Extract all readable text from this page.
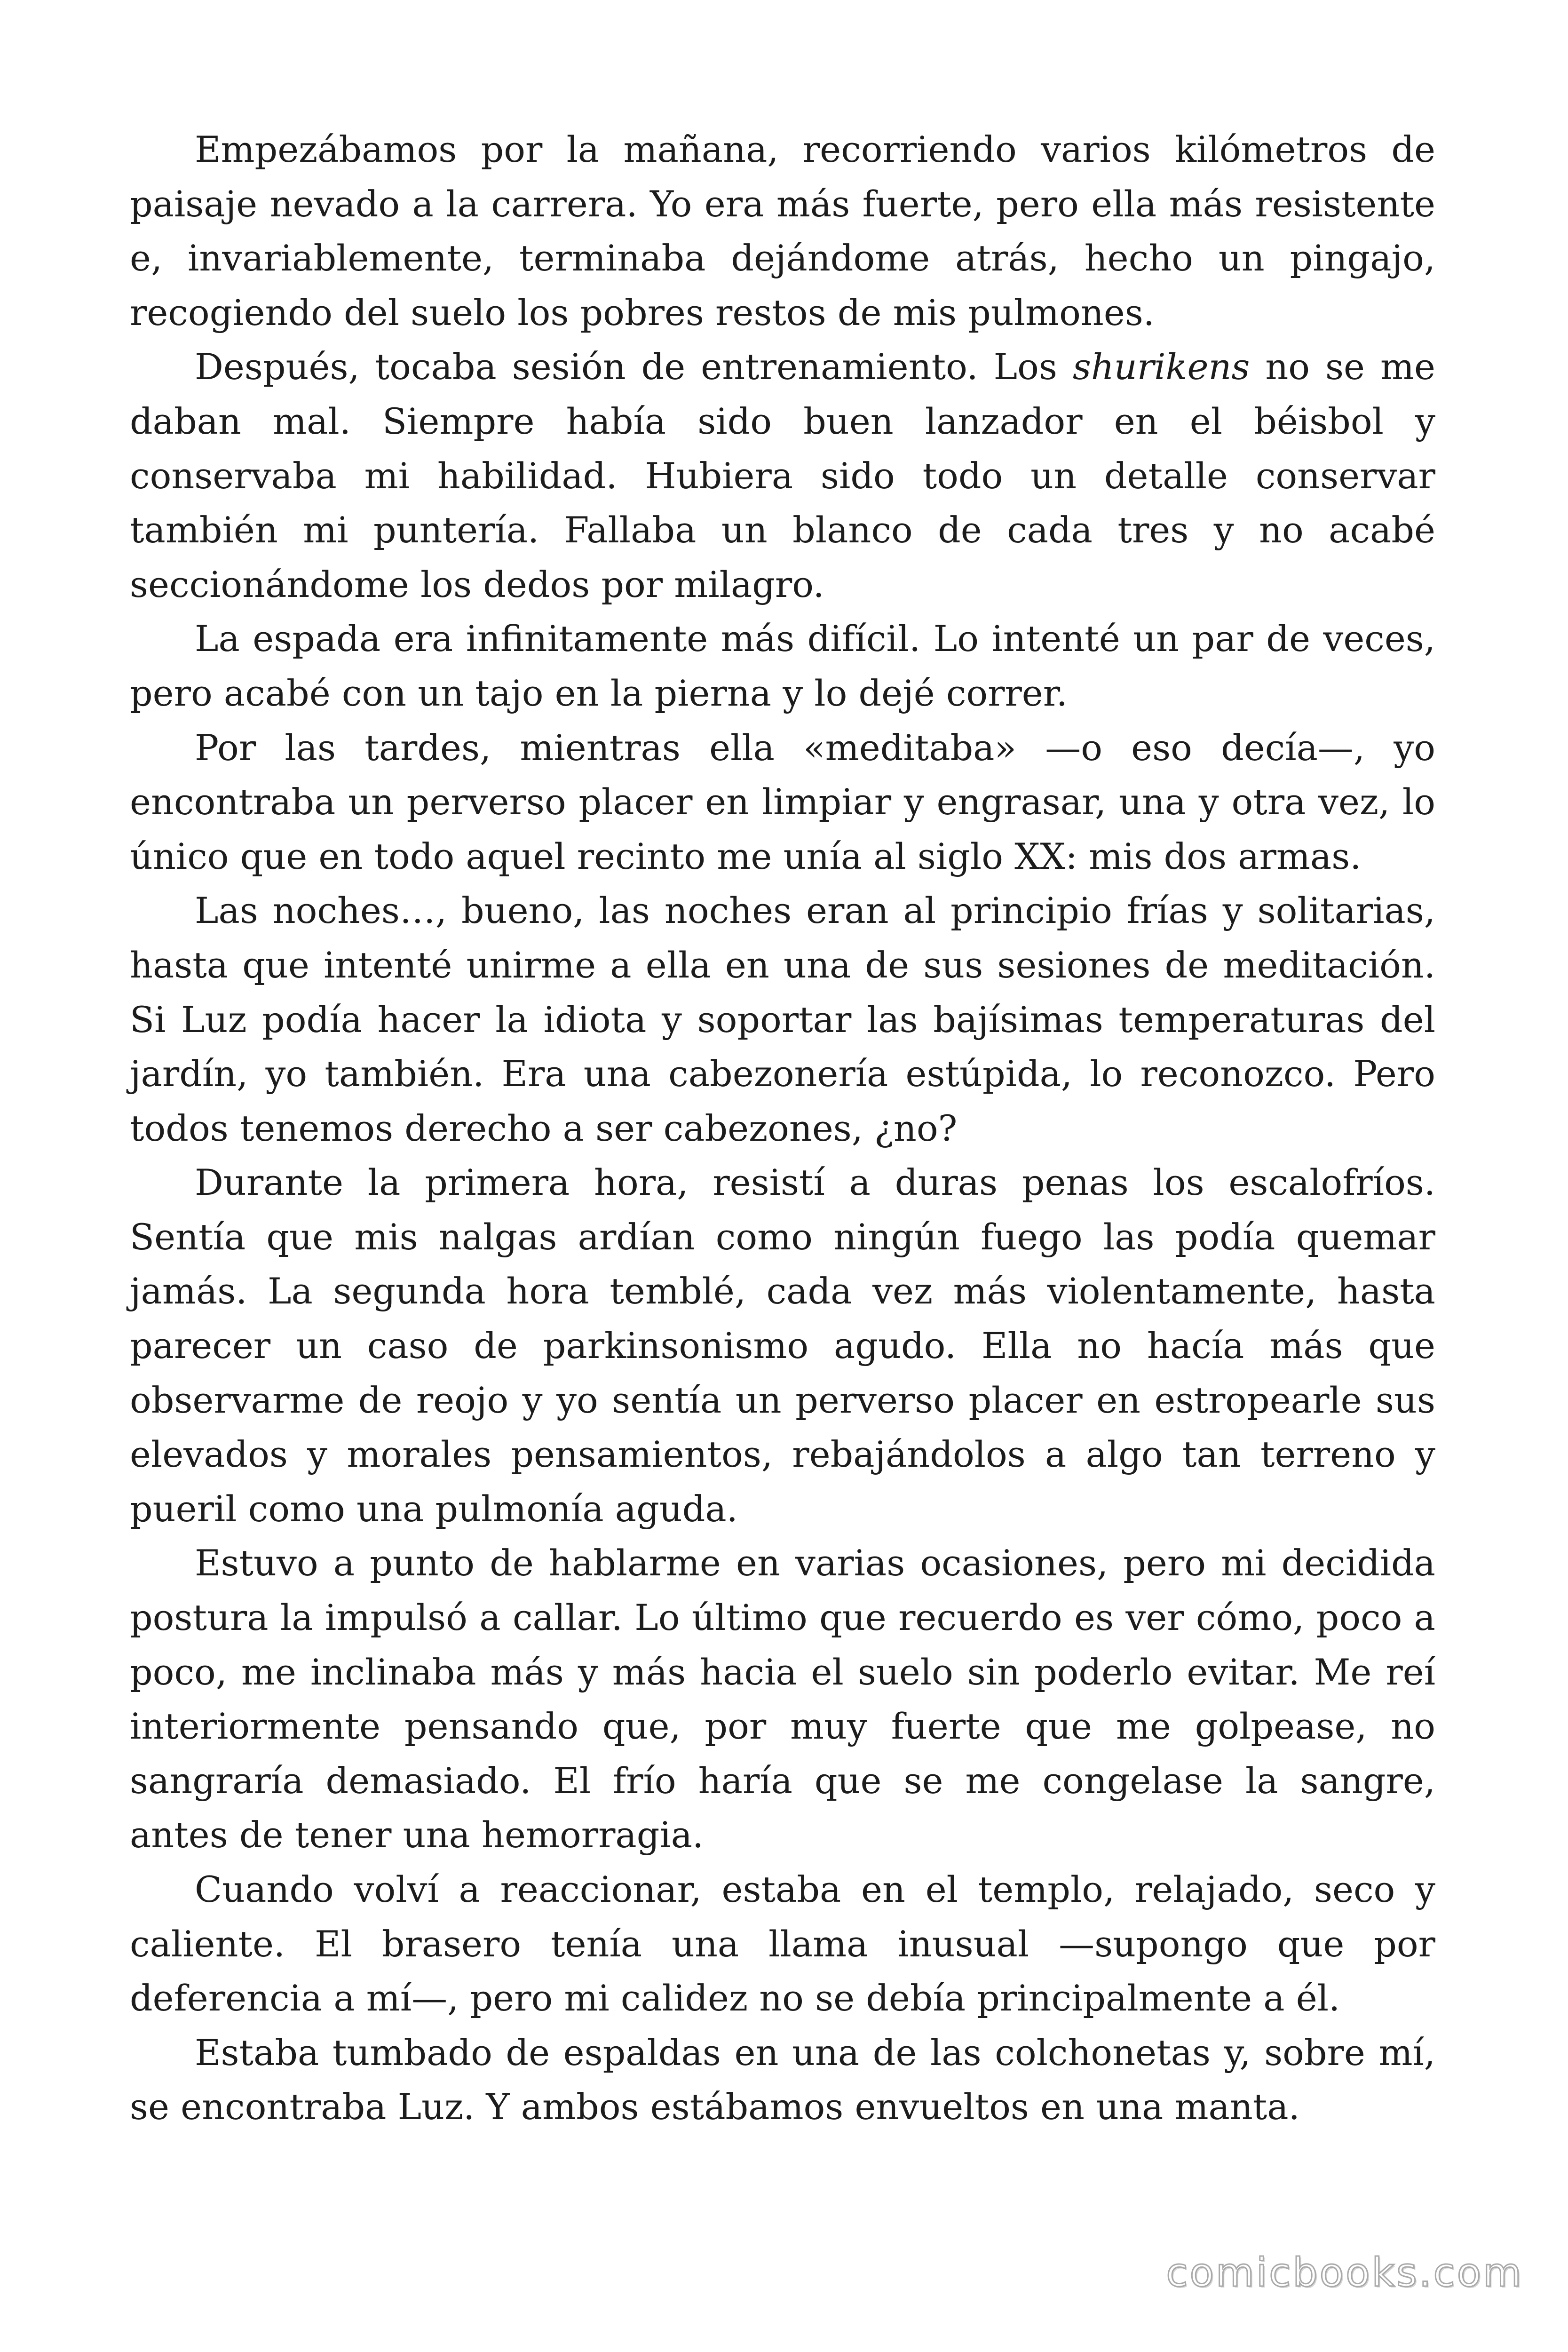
Empezábamos por la mañana, recorriendo varios kilómetros de paisaje nevado a la carrera. Yo era más fuerte, pero ella más resistente e, invariablemente, terminaba dejándome atrás, hecho un pingajo, recogiendo del suelo los pobres restos de mis pulmones.

Después, tocaba sesión de entrenamiento. Los shurikens no se me daban mal. Siempre había sido buen lanzador en el béisbol y conservaba mi habilidad. Hubiera sido todo un detalle conservar también mi puntería. Fallaba un blanco de cada tres y no acabé seccionándome los dedos por milagro.

La espada era infinitamente más difícil. Lo intenté un par de veces, pero acabé con un tajo en la pierna y lo dejé correr.

Por las tardes, mientras ella «meditaba» —o eso decía—, yo encontraba un perverso placer en limpiar y engrasar, una y otra vez, lo único que en todo aquel recinto me unía al siglo XX: mis dos armas.

Las noches…, bueno, las noches eran al principio frías y solitarias, hasta que intenté unirme a ella en una de sus sesiones de meditación. Si Luz podía hacer la idiota y soportar las bajísimas temperaturas del jardín, yo también. Era una cabezonería estúpida, lo reconozco. Pero todos tenemos derecho a ser cabezones, ¿no?

Durante la primera hora, resistí a duras penas los escalofríos. Sentía que mis nalgas ardían como ningún fuego las podía quemar jamás. La segunda hora temblé, cada vez más violentamente, hasta parecer un caso de parkinsonismo agudo. Ella no hacía más que observarme de reojo y yo sentía un perverso placer en estropearle sus elevados y morales pensamientos, rebajándolos a algo tan terreno y pueril como una pulmonía aguda.

Estuvo a punto de hablarme en varias ocasiones, pero mi decidida postura la impulsó a callar. Lo último que recuerdo es ver cómo, poco a poco, me inclinaba más y más hacia el suelo sin poderlo evitar. Me reí interiormente pensando que, por muy fuerte que me golpease, no sangraría demasiado. El frío haría que se me congelase la sangre, antes de tener una hemorragia.

Cuando volví a reaccionar, estaba en el templo, relajado, seco y caliente. El brasero tenía una llama inusual —supongo que por deferencia a mí—, pero mi calidez no se debía principalmente a él.

Estaba tumbado de espaldas en una de las colchonetas y, sobre mí, se encontraba Luz. Y ambos estábamos envueltos en una manta.

comicbooks.com
